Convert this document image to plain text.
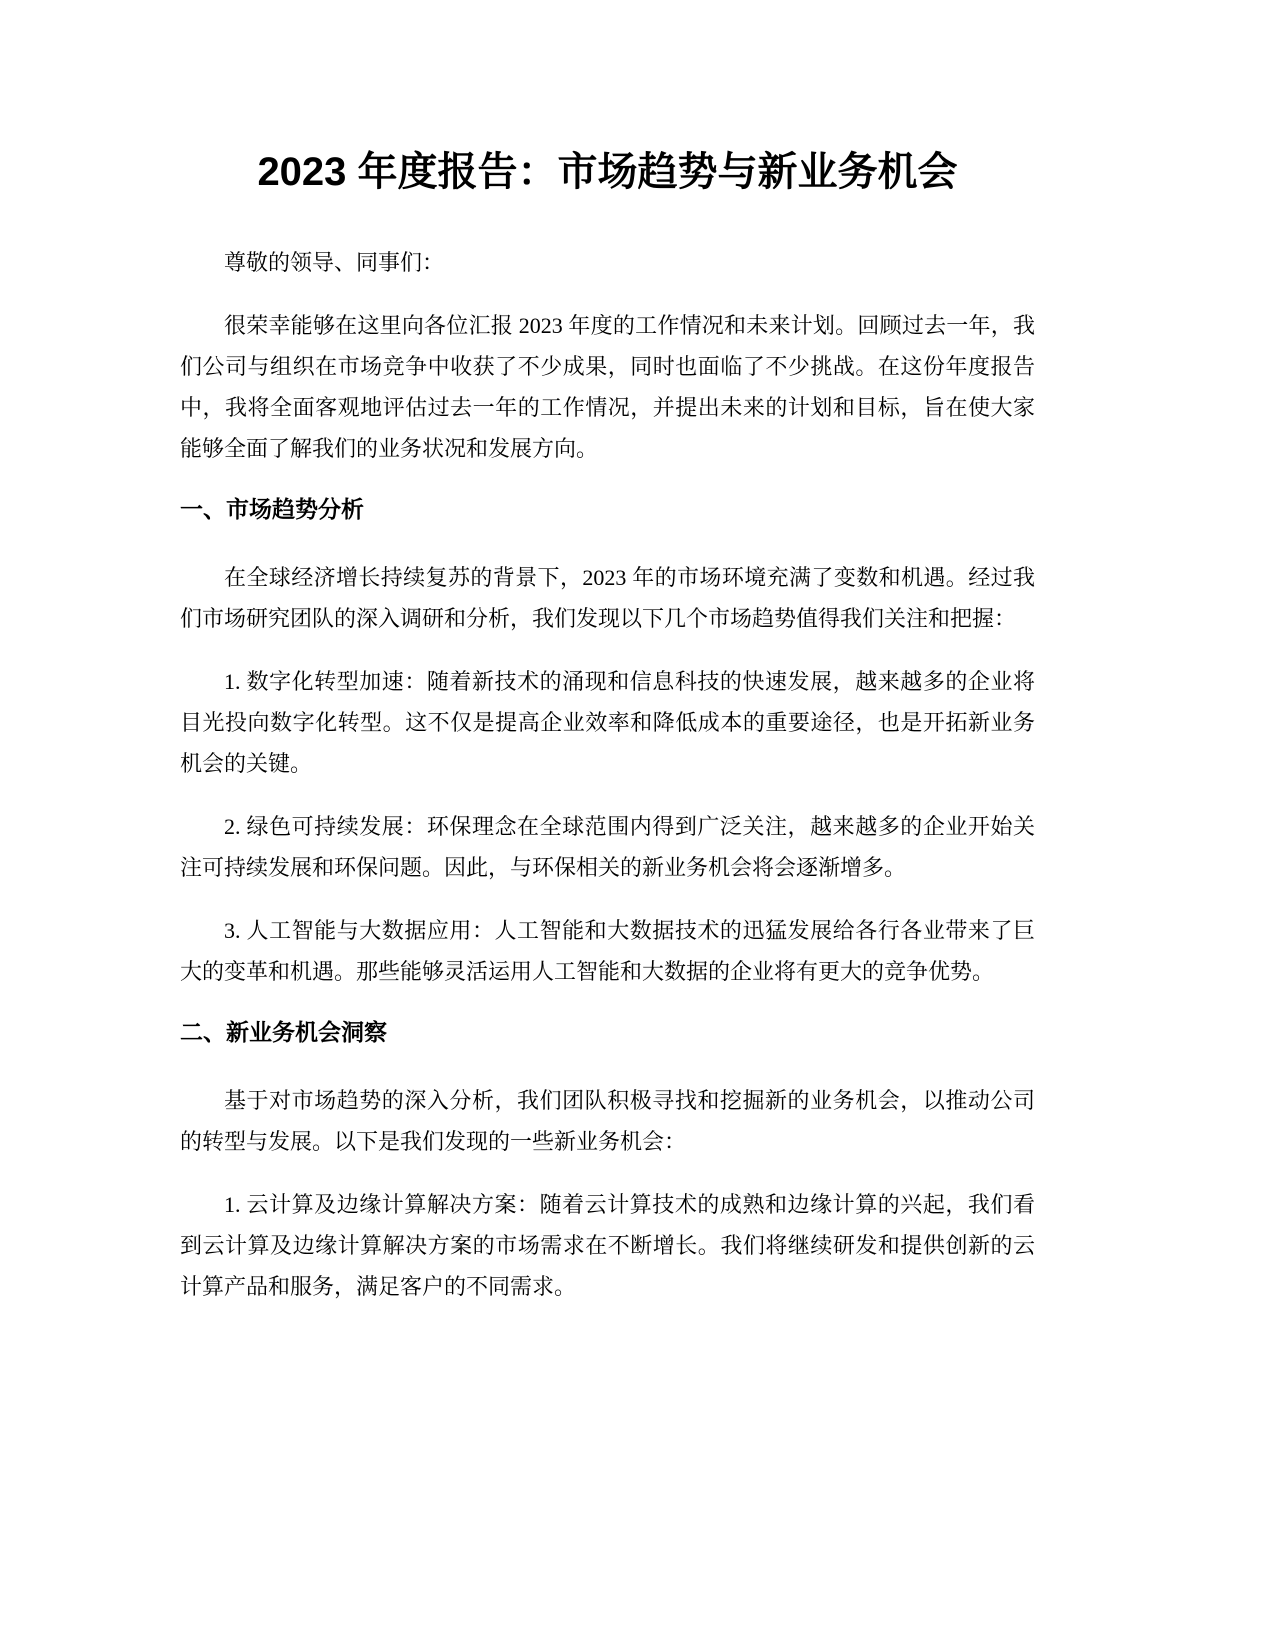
2023 年度报告：市场趋势与新业务机会

尊敬的领导、同事们：

很荣幸能够在这里向各位汇报 2023 年度的工作情况和未来计划。回顾过去一年，我们公司与组织在市场竞争中收获了不少成果，同时也面临了不少挑战。在这份年度报告中，我将全面客观地评估过去一年的工作情况，并提出未来的计划和目标，旨在使大家能够全面了解我们的业务状况和发展方向。

一、市场趋势分析

在全球经济增长持续复苏的背景下，2023 年的市场环境充满了变数和机遇。经过我们市场研究团队的深入调研和分析，我们发现以下几个市场趋势值得我们关注和把握：

1. 数字化转型加速：随着新技术的涌现和信息科技的快速发展，越来越多的企业将目光投向数字化转型。这不仅是提高企业效率和降低成本的重要途径，也是开拓新业务机会的关键。

2. 绿色可持续发展：环保理念在全球范围内得到广泛关注，越来越多的企业开始关注可持续发展和环保问题。因此，与环保相关的新业务机会将会逐渐增多。

3. 人工智能与大数据应用：人工智能和大数据技术的迅猛发展给各行各业带来了巨大的变革和机遇。那些能够灵活运用人工智能和大数据的企业将有更大的竞争优势。

二、新业务机会洞察

基于对市场趋势的深入分析，我们团队积极寻找和挖掘新的业务机会，以推动公司的转型与发展。以下是我们发现的一些新业务机会：

1. 云计算及边缘计算解决方案：随着云计算技术的成熟和边缘计算的兴起，我们看到云计算及边缘计算解决方案的市场需求在不断增长。我们将继续研发和提供创新的云计算产品和服务，满足客户的不同需求。
